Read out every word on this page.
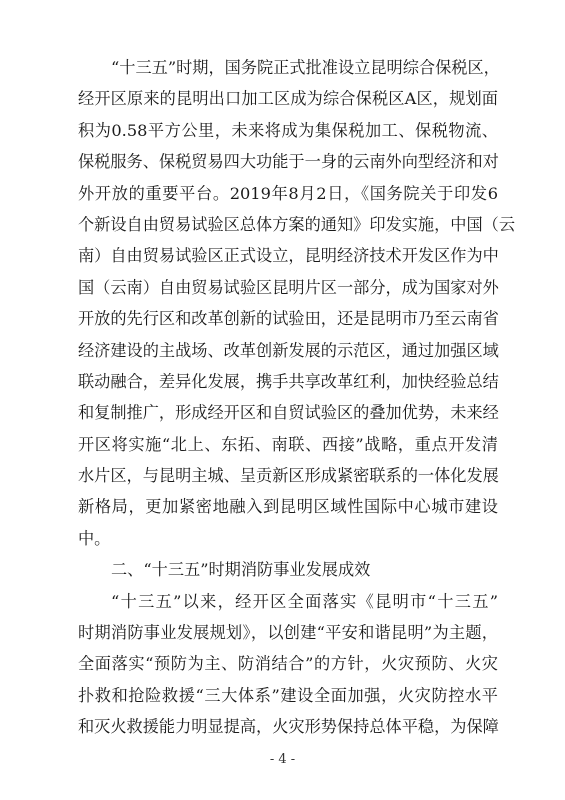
“十三五”时期，国务院正式批准设立昆明综合保税区，
经开区原来的昆明出口加工区成为综合保税区A区，规划面
积为0.58平方公里，未来将成为集保税加工、保税物流、
保税服务、保税贸易四大功能于一身的云南外向型经济和对
外开放的重要平台。2019年8月2日，《国务院关于印发6
个新设自由贸易试验区总体方案的通知》印发实施，中国（云
南）自由贸易试验区正式设立，昆明经济技术开发区作为中
国（云南）自由贸易试验区昆明片区一部分，成为国家对外
开放的先行区和改革创新的试验田，还是昆明市乃至云南省
经济建设的主战场、改革创新发展的示范区，通过加强区域
联动融合，差异化发展，携手共享改革红利，加快经验总结
和复制推广，形成经开区和自贸试验区的叠加优势，未来经
开区将实施“北上、东拓、南联、西接”战略，重点开发清
水片区，与昆明主城、呈贡新区形成紧密联系的一体化发展
新格局，更加紧密地融入到昆明区域性国际中心城市建设
中。
二、“十三五”时期消防事业发展成效
“十三五”以来，经开区全面落实《昆明市“十三五”
时期消防事业发展规划》，以创建“平安和谐昆明”为主题，
全面落实“预防为主、防消结合”的方针，火灾预防、火灾
扑救和抢险救援“三大体系”建设全面加强，火灾防控水平
和灭火救援能力明显提高，火灾形势保持总体平稳，为保障
- 4 -
